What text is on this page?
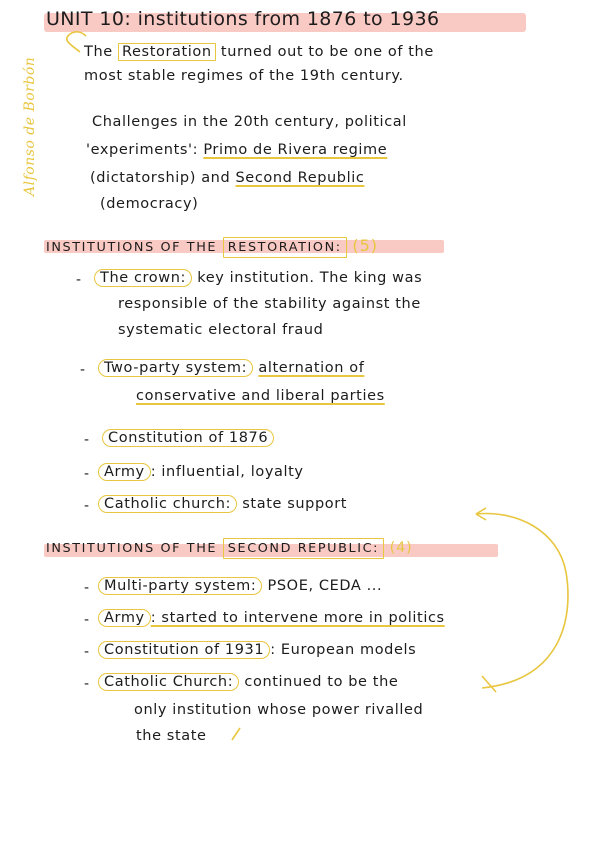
UNIT 10: institutions from 1876 to 1936
Alfonso de Borbón
The Restoration turned out to be one of the
most stable regimes of the 19th century.
Challenges in the 20th century, political
'experiments': Primo de Rivera regime
(dictatorship) and Second Republic
(democracy)
INSTITUTIONS OF THE RESTORATION: (5)
-	The crown: key institution. The king was
responsible of the stability against the
systematic electoral fraud
-	Two-party system: alternation of
conservative and liberal parties
-	Constitution of 1876
-	Army : influential, loyalty
-	Catholic church: state support
INSTITUTIONS OF THE SECOND REPUBLIC: (4)
-	Multi-party system: PSOE, CEDA ...
-	Army : started to intervene more in politics
-	Constitution of 1931 : European models
-	Catholic Church: continued to be the
only institution whose power rivalled
the state
